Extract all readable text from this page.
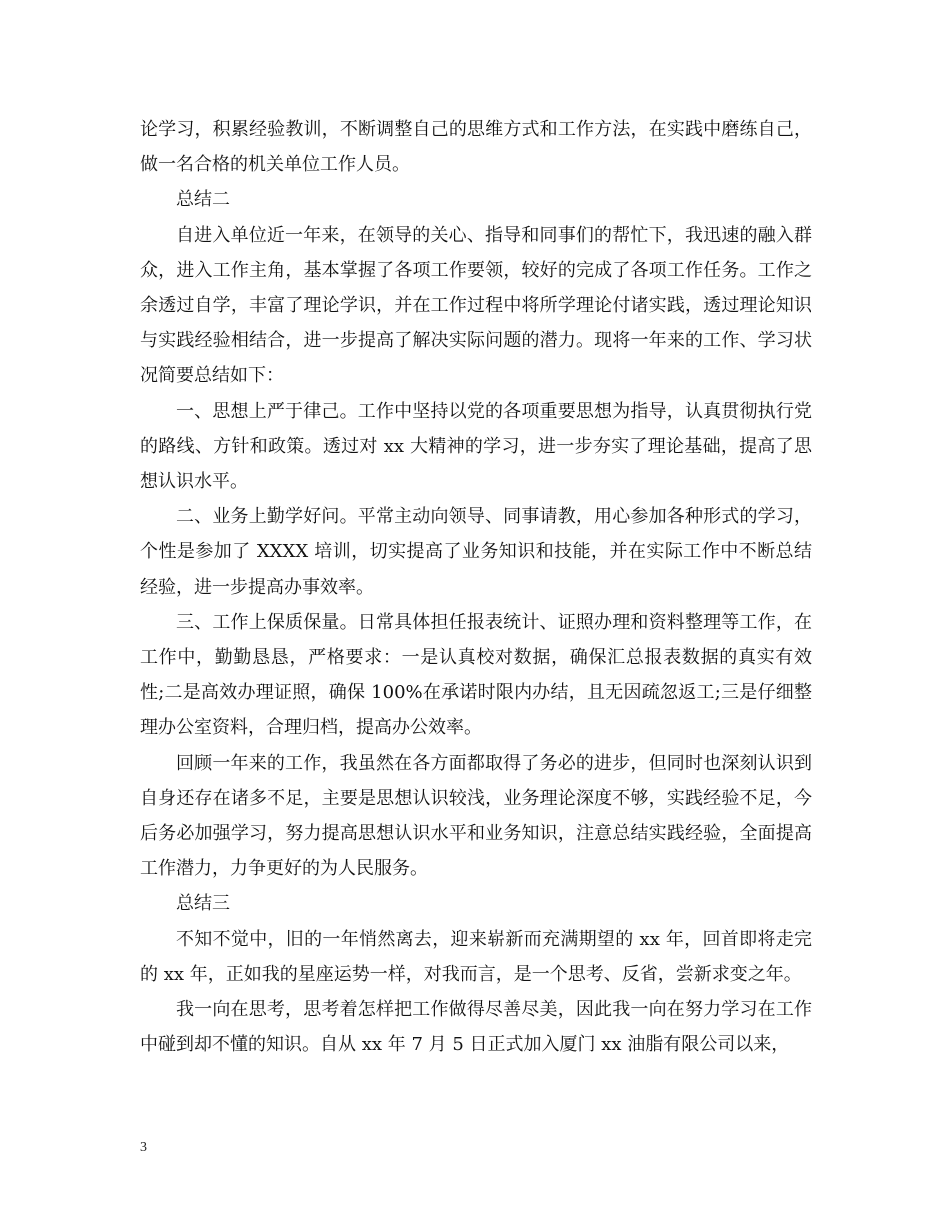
论学习，积累经验教训，不断调整自己的思维方式和工作方法，在实践中磨练自己，做一名合格的机关单位工作人员。

总结二

自进入单位近一年来，在领导的关心、指导和同事们的帮忙下，我迅速的融入群众，进入工作主角，基本掌握了各项工作要领，较好的完成了各项工作任务。工作之余透过自学，丰富了理论学识，并在工作过程中将所学理论付诸实践，透过理论知识与实践经验相结合，进一步提高了解决实际问题的潜力。现将一年来的工作、学习状况简要总结如下：

一、思想上严于律己。工作中坚持以党的各项重要思想为指导，认真贯彻执行党的路线、方针和政策。透过对 xx 大精神的学习，进一步夯实了理论基础，提高了思想认识水平。

二、业务上勤学好问。平常主动向领导、同事请教，用心参加各种形式的学习，个性是参加了 XXXX 培训，切实提高了业务知识和技能，并在实际工作中不断总结经验，进一步提高办事效率。

三、工作上保质保量。日常具体担任报表统计、证照办理和资料整理等工作，在工作中，勤勤恳恳，严格要求：一是认真校对数据，确保汇总报表数据的真实有效性;二是高效办理证照，确保 100%在承诺时限内办结，且无因疏忽返工;三是仔细整理办公室资料，合理归档，提高办公效率。

回顾一年来的工作，我虽然在各方面都取得了务必的进步，但同时也深刻认识到自身还存在诸多不足，主要是思想认识较浅，业务理论深度不够，实践经验不足，今后务必加强学习，努力提高思想认识水平和业务知识，注意总结实践经验，全面提高工作潜力，力争更好的为人民服务。

总结三

不知不觉中，旧的一年悄然离去，迎来崭新而充满期望的 xx 年，回首即将走完的 xx 年，正如我的星座运势一样，对我而言，是一个思考、反省，尝新求变之年。

我一向在思考，思考着怎样把工作做得尽善尽美，因此我一向在努力学习在工作中碰到却不懂的知识。自从 xx 年 7 月 5 日正式加入厦门 xx 油脂有限公司以来，

3
